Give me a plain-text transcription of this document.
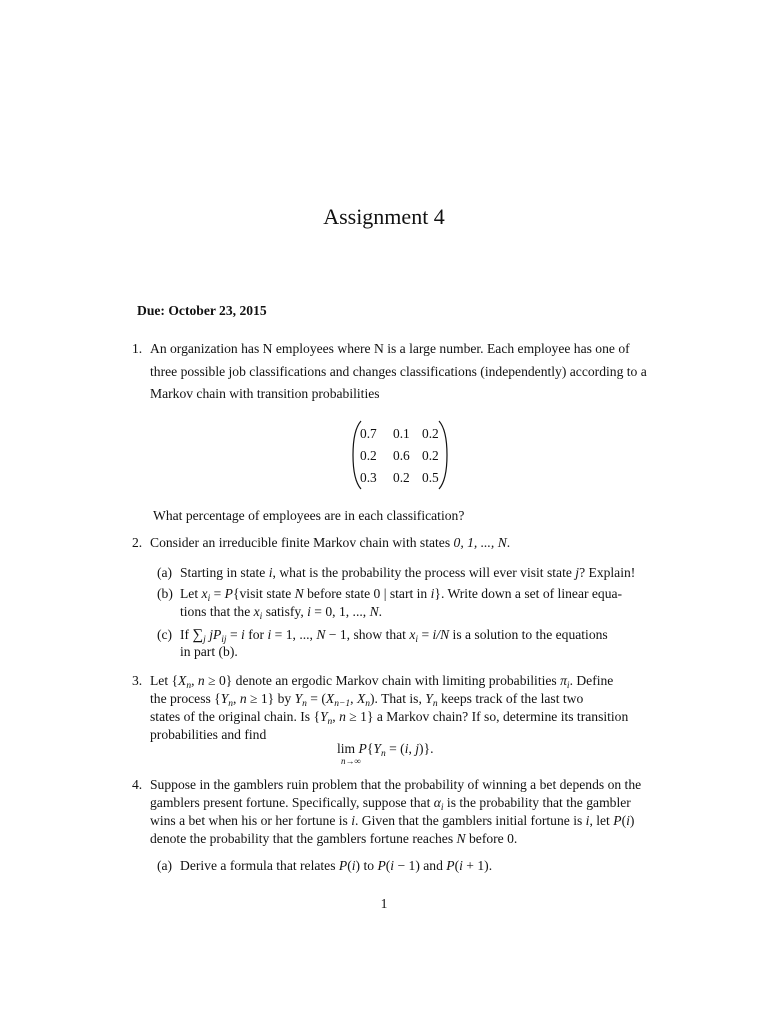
Assignment 4
Due: October 23, 2015
1. An organization has N employees where N is a large number. Each employee has one of
three possible job classifications and changes classifications (independently) according to a
Markov chain with transition probabilities
0.7 0.1 0.2
0.2 0.6 0.2
0.3 0.2 0.5
What percentage of employees are in each classification?
2. Consider an irreducible finite Markov chain with states 0, 1, ..., N.
(a) Starting in state i, what is the probability the process will ever visit state j? Explain!
(b) Let $x_i$ = P{visit state N before state 0 | start in i}. Write down a set of linear equa-
tions that the $x_i$ satisfy, i = 0, 1, ..., N.
(c) If $\sum_j$ $jP_{ij} = i$ for i = 1, ..., N − 1, show that $x_i = i/N$ is a solution to the equations
in part (b).
3. Let {$X_n$, n ≥ 0} denote an ergodic Markov chain with limiting probabilities $\pi_i$. Define
the process {$Y_n$, n ≥ 1} by $Y_n = (X_{n-1}$, $X_n$). That is, $Y_n$ keeps track of the last two
states of the original chain. Is {$Y_n$, n ≥ 1} a Markov chain? If so, determine its transition
probabilities and find
$\lim P\{Y_n = (i$, j)}.
n→∞
4. Suppose in the gamblers ruin problem that the probability of winning a bet depends on the
gamblers present fortune. Specifically, suppose that $\alpha_i$ is the probability that the gambler
wins a bet when his or her fortune is i. Given that the gamblers initial fortune is i, let P(i)
denote the probability that the gamblers fortune reaches N before 0.
(a) Derive a formula that relates P(i) to P(i − 1) and P(i + 1).
1
